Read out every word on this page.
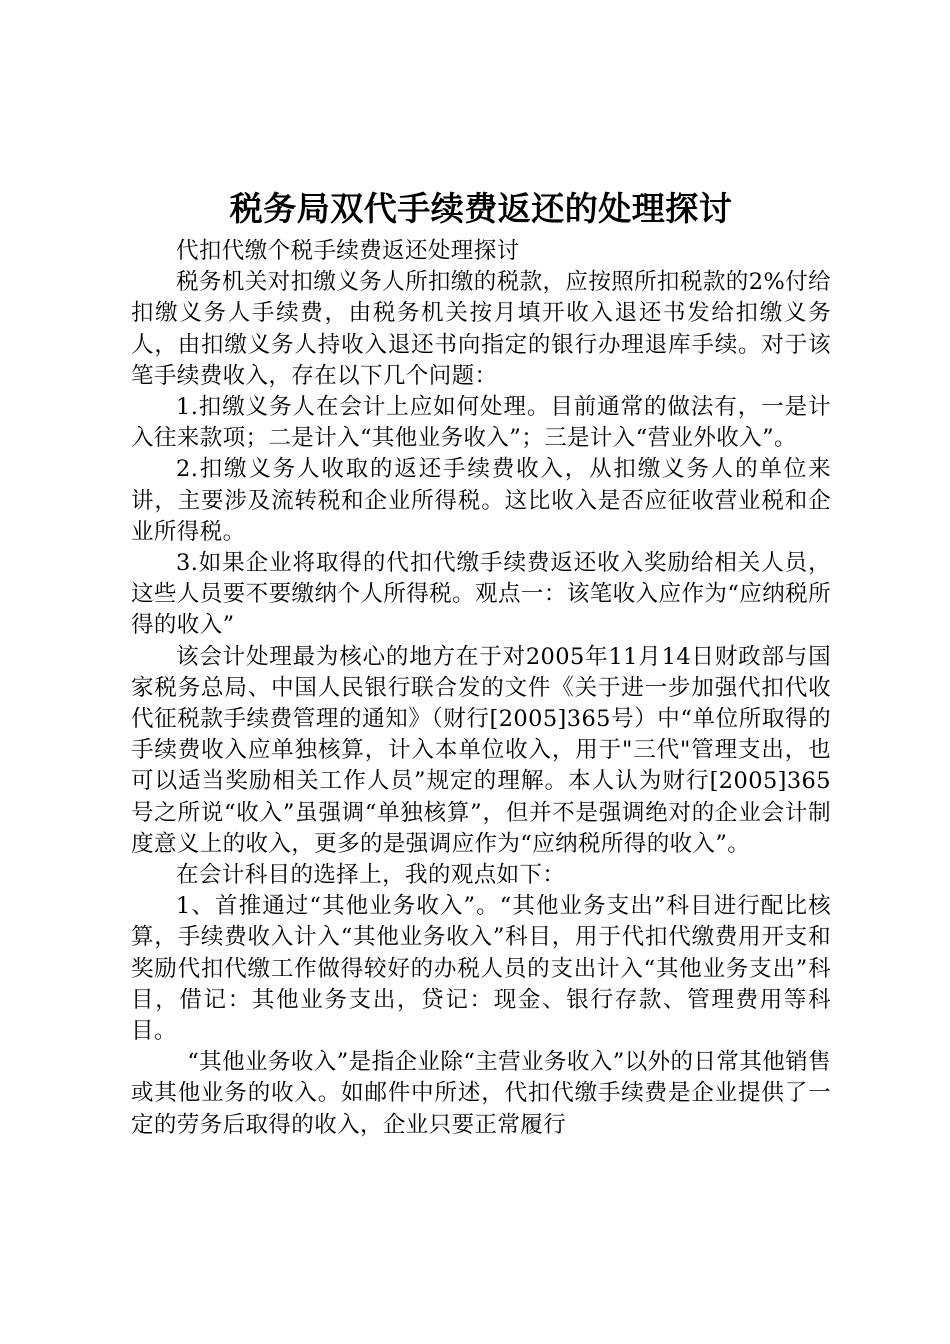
税务局双代手续费返还的处理探讨

代扣代缴个税手续费返还处理探讨

税务机关对扣缴义务人所扣缴的税款，应按照所扣税款的2%付给扣缴义务人手续费，由税务机关按月填开收入退还书发给扣缴义务人，由扣缴义务人持收入退还书向指定的银行办理退库手续。对于该笔手续费收入，存在以下几个问题：

1.扣缴义务人在会计上应如何处理。目前通常的做法有，一是计入往来款项；二是计入“其他业务收入”；三是计入“营业外收入”。

2.扣缴义务人收取的返还手续费收入，从扣缴义务人的单位来讲，主要涉及流转税和企业所得税。这比收入是否应征收营业税和企业所得税。

3.如果企业将取得的代扣代缴手续费返还收入奖励给相关人员，这些人员要不要缴纳个人所得税。观点一：该笔收入应作为“应纳税所得的收入”

该会计处理最为核心的地方在于对2005年11月14日财政部与国家税务总局、中国人民银行联合发的文件《关于进一步加强代扣代收代征税款手续费管理的通知》（财行[2005]365号）中“单位所取得的手续费收入应单独核算，计入本单位收入，用于"三代"管理支出，也可以适当奖励相关工作人员”规定的理解。本人认为财行[2005]365号之所说“收入”虽强调“单独核算”，但并不是强调绝对的企业会计制度意义上的收入，更多的是强调应作为“应纳税所得的收入”。

在会计科目的选择上，我的观点如下：

1、首推通过“其他业务收入”。“其他业务支出”科目进行配比核算，手续费收入计入“其他业务收入”科目，用于代扣代缴费用开支和奖励代扣代缴工作做得较好的办税人员的支出计入“其他业务支出”科目，借记：其他业务支出，贷记：现金、银行存款、管理费用等科目。

“其他业务收入”是指企业除“主营业务收入”以外的日常其他销售或其他业务的收入。如邮件中所述，代扣代缴手续费是企业提供了一定的劳务后取得的收入，企业只要正常履行
